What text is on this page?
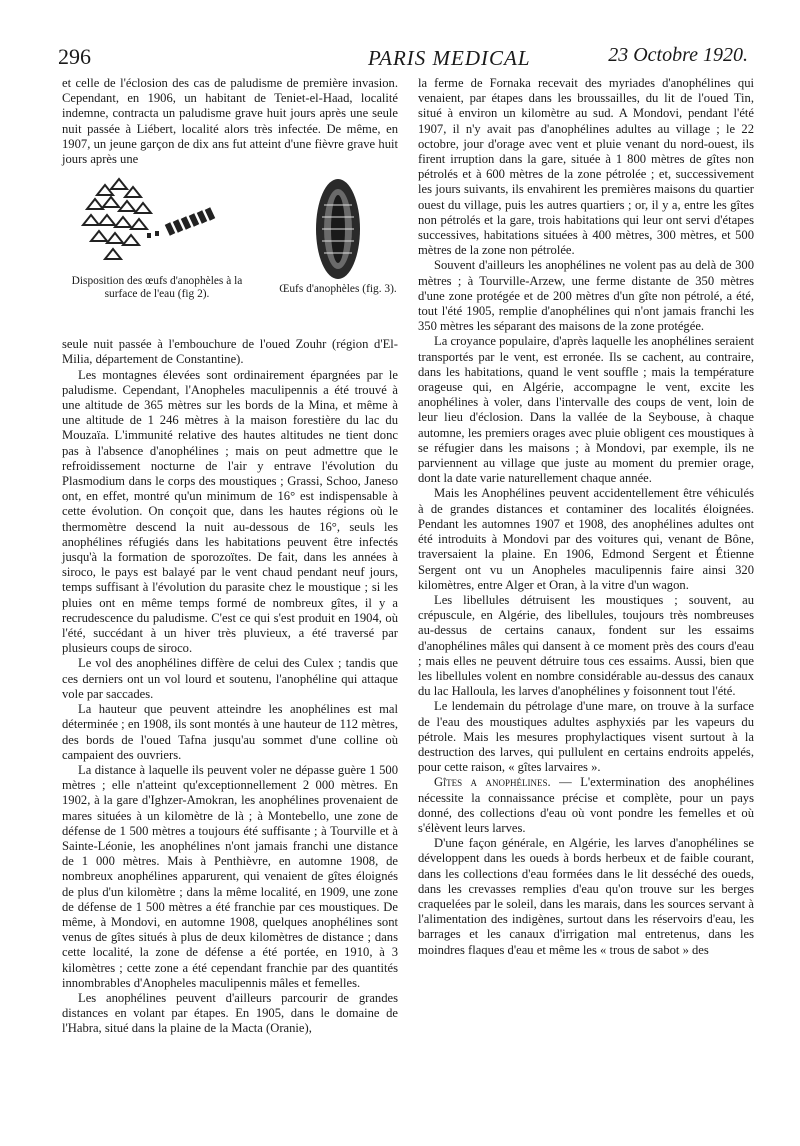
296	PARIS MEDICAL	23 Octobre 1920.

et celle de l'éclosion des cas de paludisme de première invasion. Cependant, en 1906, un habitant de Teniet-el-Haad, localité indemne, contracta un paludisme grave huit jours après une seule nuit passée à Liébert, localité alors très infectée. De même, en 1907, un jeune garçon de dix ans fut atteint d'une fièvre grave huit jours après une

Disposition des œufs d'anophèles à la surface de l'eau (fig 2).	Œufs d'anophèles (fig. 3).

seule nuit passée à l'embouchure de l'oued Zouhr (région d'El-Milia, département de Constantine).

Les montagnes élevées sont ordinairement épargnées par le paludisme. Cependant, l'Anopheles maculipennis a été trouvé à une altitude de 365 mètres sur les bords de la Mina, et même à une altitude de 1 246 mètres à la maison forestière du lac du Mouzaïa. L'immunité relative des hautes altitudes ne tient donc pas à l'absence d'anophélines ; mais on peut admettre que le refroidissement nocturne de l'air y entrave l'évolution du Plasmodium dans le corps des moustiques ; Grassi, Schoo, Janeso ont, en effet, montré qu'un minimum de 16° est indispensable à cette évolution. On conçoit que, dans les hautes régions où le thermomètre descend la nuit au-dessous de 16°, seuls les anophélines réfugiés dans les habitations peuvent être infectés jusqu'à la formation de sporozoïtes. De fait, dans les années à siroco, le pays est balayé par le vent chaud pendant neuf jours, temps suffisant à l'évolution du parasite chez le moustique ; si les pluies ont en même temps formé de nombreux gîtes, il y a recrudescence du paludisme. C'est ce qui s'est produit en 1904, où l'été, succédant à un hiver très pluvieux, a été traversé par plusieurs coups de siroco.

Le vol des anophélines diffère de celui des Culex ; tandis que ces derniers ont un vol lourd et soutenu, l'anophéline qui attaque vole par saccades.

La hauteur que peuvent atteindre les anophélines est mal déterminée ; en 1908, ils sont montés à une hauteur de 112 mètres, des bords de l'oued Tafna jusqu'au sommet d'une colline où campaient des ouvriers.

La distance à laquelle ils peuvent voler ne dépasse guère 1 500 mètres ; elle n'atteint qu'exceptionnellement 2 000 mètres. En 1902, à la gare d'Ighzer-Amokran, les anophélines provenaient de mares situées à un kilomètre de là ; à Montebello, une zone de défense de 1 500 mètres a toujours été suffisante ; à Tourville et à Sainte-Léonie, les anophélines n'ont jamais franchi une distance de 1 000 mètres. Mais à Penthièvre, en automne 1908, de nombreux anophélines apparurent, qui venaient de gîtes éloignés de plus d'un kilomètre ; dans la même localité, en 1909, une zone de défense de 1 500 mètres a été franchie par ces moustiques. De même, à Mondovi, en automne 1908, quelques anophélines sont venus de gîtes situés à plus de deux kilomètres de distance ; dans cette localité, la zone de défense a été portée, en 1910, à 3 kilomètres ; cette zone a été cependant franchie par des quantités innombrables d'Anopheles maculipennis mâles et femelles.

Les anophélines peuvent d'ailleurs parcourir de grandes distances en volant par étapes. En 1905, dans le domaine de l'Habra, situé dans la plaine de la Macta (Oranie),

la ferme de Fornaka recevait des myriades d'anophélines qui venaient, par étapes dans les broussailles, du lit de l'oued Tin, situé à environ un kilomètre au sud. A Mondovi, pendant l'été 1907, il n'y avait pas d'anophélines adultes au village ; le 22 octobre, jour d'orage avec vent et pluie venant du nord-ouest, ils firent irruption dans la gare, située à 1 800 mètres de gîtes non pétrolés et à 600 mètres de la zone pétrolée ; et, successivement les jours suivants, ils envahirent les premières maisons du quartier ouest du village, puis les autres quartiers ; or, il y a, entre les gîtes non pétrolés et la gare, trois habitations qui leur ont servi d'étapes successives, habitations situées à 400 mètres, 300 mètres, et 500 mètres de la zone non pétrolée.

Souvent d'ailleurs les anophélines ne volent pas au delà de 300 mètres ; à Tourville-Arzew, une ferme distante de 350 mètres d'une zone protégée et de 200 mètres d'un gîte non pétrolé, a été, tout l'été 1905, remplie d'anophélines qui n'ont jamais franchi les 350 mètres les séparant des maisons de la zone protégée.

La croyance populaire, d'après laquelle les anophélines seraient transportés par le vent, est erronée. Ils se cachent, au contraire, dans les habitations, quand le vent souffle ; mais la température orageuse qui, en Algérie, accompagne le vent, excite les anophélines à voler, dans l'intervalle des coups de vent, loin de leur lieu d'éclosion. Dans la vallée de la Seybouse, à chaque automne, les premiers orages avec pluie obligent ces moustiques à se réfugier dans les maisons ; à Mondovi, par exemple, ils ne parviennent au village que juste au moment du premier orage, dont la date varie naturellement chaque année.

Mais les Anophélines peuvent accidentellement être véhiculés à de grandes distances et contaminer des localités éloignées. Pendant les automnes 1907 et 1908, des anophélines adultes ont été introduits à Mondovi par des voitures qui, venant de Bône, traversaient la plaine. En 1906, Edmond Sergent et Étienne Sergent ont vu un Anopheles maculipennis faire ainsi 320 kilomètres, entre Alger et Oran, à la vitre d'un wagon.

Les libellules détruisent les moustiques ; souvent, au crépuscule, en Algérie, des libellules, toujours très nombreuses au-dessus de certains canaux, fondent sur les essaims d'anophélines mâles qui dansent à ce moment près des cours d'eau ; mais elles ne peuvent détruire tous ces essaims. Aussi, bien que les libellules volent en nombre considérable au-dessus des canaux du lac Halloula, les larves d'anophélines y foisonnent tout l'été.

Le lendemain du pétrolage d'une mare, on trouve à la surface de l'eau des moustiques adultes asphyxiés par les vapeurs du pétrole. Mais les mesures prophylactiques visent surtout à la destruction des larves, qui pullulent en certains endroits appelés, pour cette raison, « gîtes larvaires ».

Gîtes a anophélines. — L'extermination des anophélines nécessite la connaissance précise et complète, pour un pays donné, des collections d'eau où vont pondre les femelles et où s'élèvent leurs larves.

D'une façon générale, en Algérie, les larves d'anophélines se développent dans les oueds à bords herbeux et de faible courant, dans les collections d'eau formées dans le lit desséché des oueds, dans les crevasses remplies d'eau qu'on trouve sur les berges craquelées par le soleil, dans les marais, dans les sources servant à l'alimentation des indigènes, surtout dans les réservoirs d'eau, les barrages et les canaux d'irrigation mal entretenus, dans les moindres flaques d'eau et même les « trous de sabot » des
